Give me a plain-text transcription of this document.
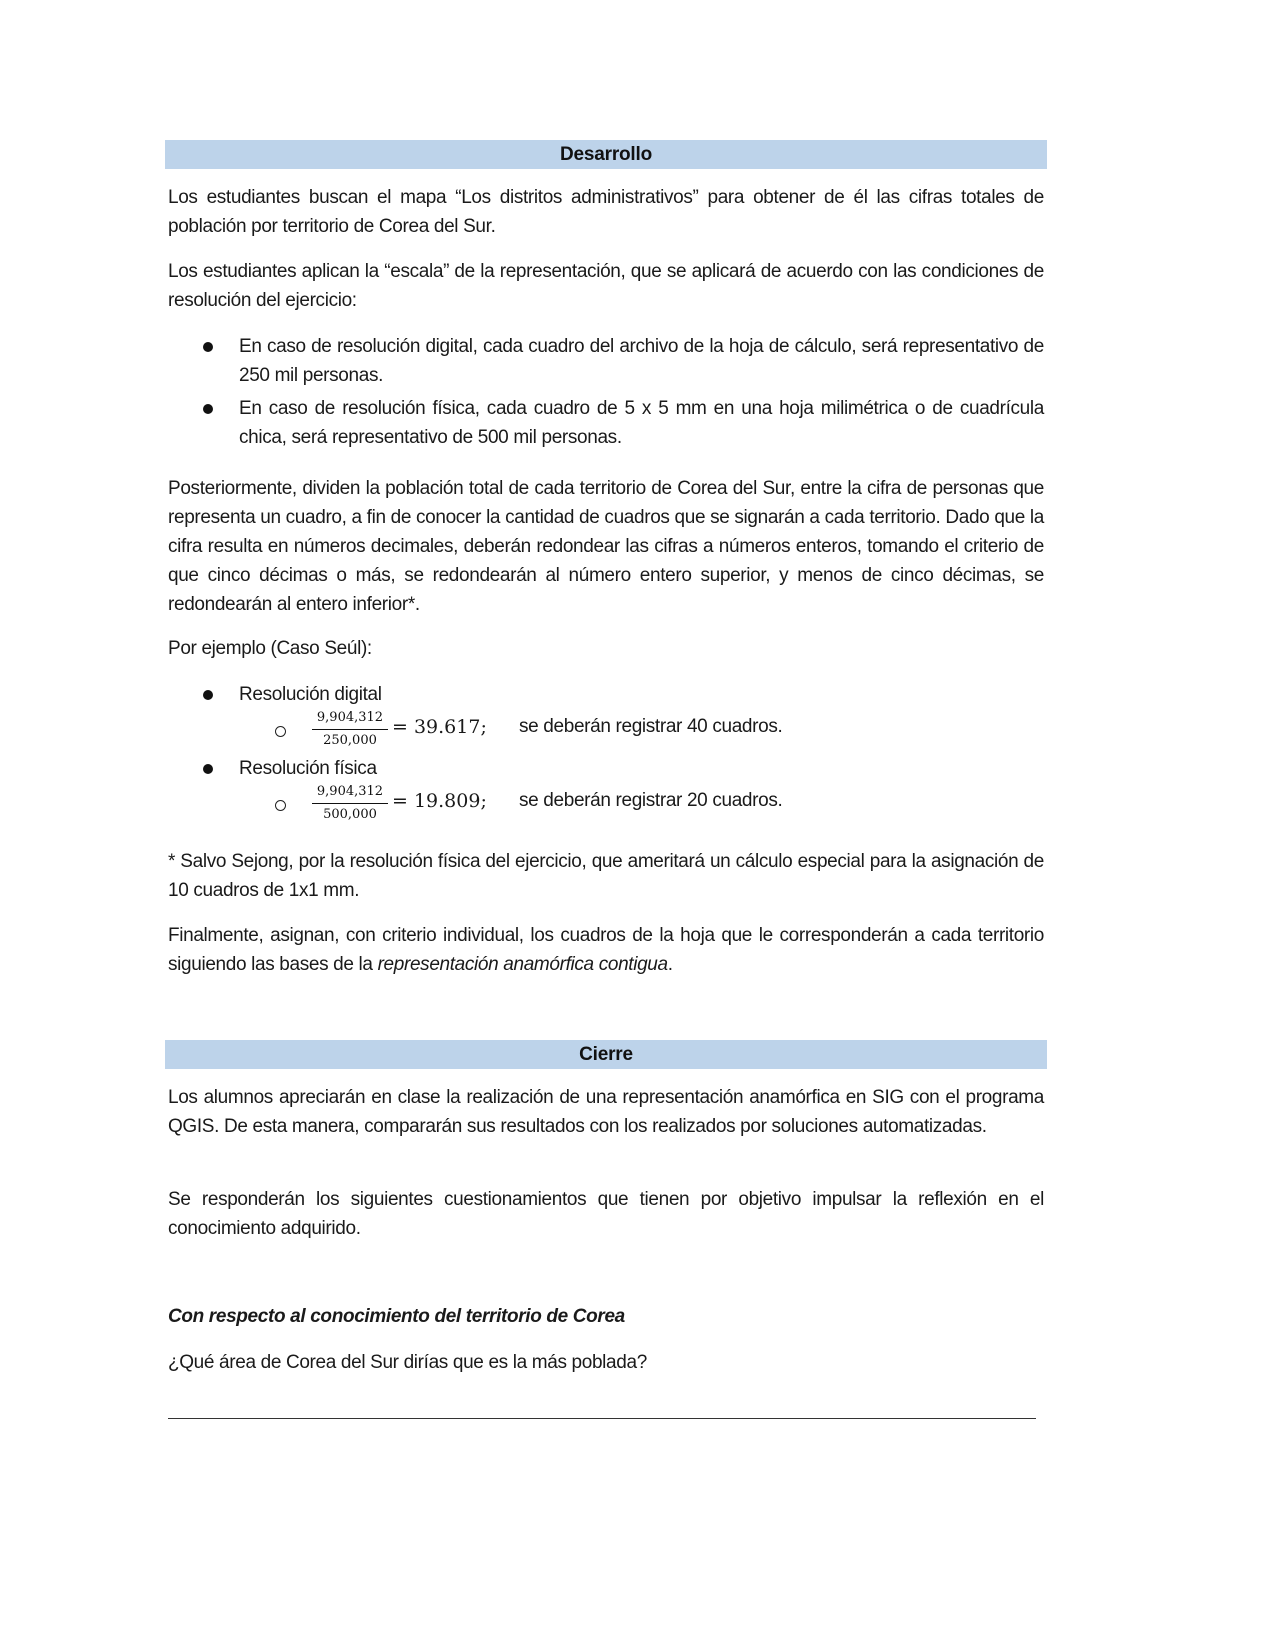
Desarrollo
Los estudiantes buscan el mapa “Los distritos administrativos” para obtener de él las cifras totales de población por territorio de Corea del Sur.
Los estudiantes aplican la “escala” de la representación, que se aplicará de acuerdo con las condiciones de resolución del ejercicio:
En caso de resolución digital, cada cuadro del archivo de la hoja de cálculo, será representativo de 250 mil personas.
En caso de resolución física, cada cuadro de 5 x 5 mm en una hoja milimétrica o de cuadrícula chica, será representativo de 500 mil personas.
Posteriormente, dividen la población total de cada territorio de Corea del Sur, entre la cifra de personas que representa un cuadro, a fin de conocer la cantidad de cuadros que se signarán a cada territorio. Dado que la cifra resulta en números decimales, deberán redondear las cifras a números enteros, tomando el criterio de que cinco décimas o más, se redondearán al número entero superior, y menos de cinco décimas, se redondearán al entero inferior*.
Por ejemplo (Caso Seúl):
Resolución digital
9,904,312
250,000
= 39.617; se deberán registrar 40 cuadros.
Resolución física
9,904,312
500,000
= 19.809; se deberán registrar 20 cuadros.
* Salvo Sejong, por la resolución física del ejercicio, que ameritará un cálculo especial para la asignación de 10 cuadros de 1x1 mm.
Finalmente, asignan, con criterio individual, los cuadros de la hoja que le corresponderán a cada territorio siguiendo las bases de la representación anamórfica contigua.
Cierre
Los alumnos apreciarán en clase la realización de una representación anamórfica en SIG con el programa QGIS. De esta manera, compararán sus resultados con los realizados por soluciones automatizadas.
Se responderán los siguientes cuestionamientos que tienen por objetivo impulsar la reflexión en el conocimiento adquirido.
Con respecto al conocimiento del territorio de Corea
¿Qué área de Corea del Sur dirías que es la más poblada?
